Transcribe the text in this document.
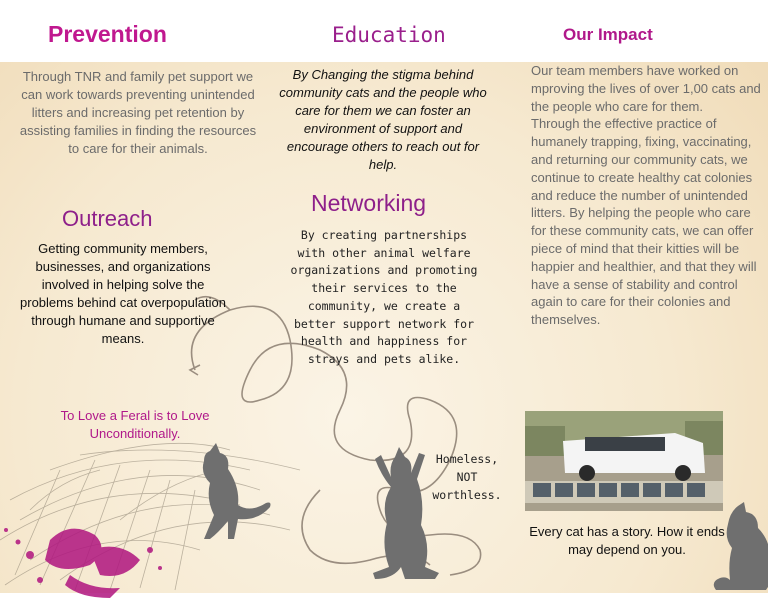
Prevention
Through TNR and family pet support we can work towards preventing unintended litters and increasing pet retention by assisting families in finding the resources to care for their animals.
Outreach
Getting community members, businesses, and organizations involved in helping solve the problems behind cat overpopulation through humane and supportive means.
To Love a Feral is to Love Unconditionally.
Education
By Changing the stigma behind community cats and the people who care for them we can foster an environment of support and encourage others to reach out for help.
Networking
By creating partnerships with other animal welfare organizations and promoting their services to the community, we create a better support network for health and happiness for strays and pets alike.
Homeless,
NOT
worthless.
Our Impact

Our team members have worked on mproving the lives of over 1,00 cats and the people who care for them.

Through the effective practice of humanely trapping, fixing, vaccinating, and returning our community cats, we continue to create healthy cat colonies and reduce the number of unintended litters. By helping the people who care for these community cats, we can offer piece of mind that their kitties will be happier and healthier, and that they will have a sense of stability and control again to care for their colonies and themselves.

Every cat has a story. How it ends may depend on you.
